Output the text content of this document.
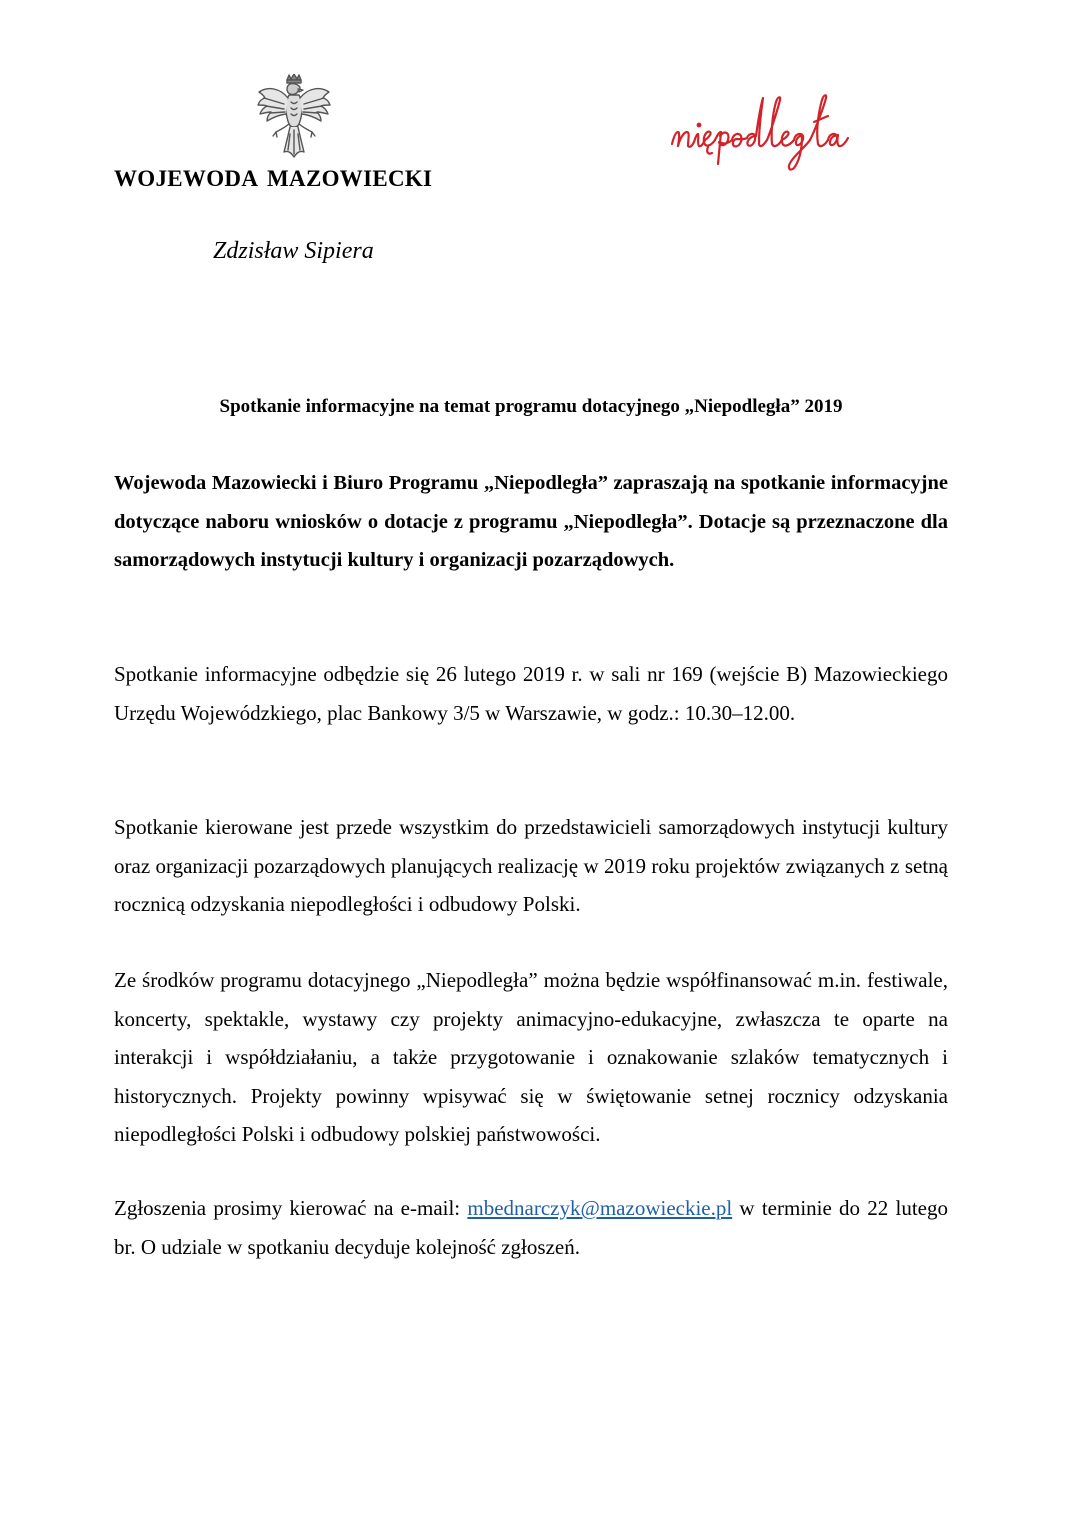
WOJEWODA MAZOWIECKI
Zdzisław Sipiera
Spotkanie informacyjne na temat programu dotacyjnego „Niepodległa” 2019

Wojewoda Mazowiecki i Biuro Programu „Niepodległa” zapraszają na spotkanie informacyjne dotyczące naboru wniosków o dotacje z programu „Niepodległa”. Dotacje są przeznaczone dla samorządowych instytucji kultury i organizacji pozarządowych.

Spotkanie informacyjne odbędzie się 26 lutego 2019 r. w sali nr 169 (wejście B) Mazowieckiego Urzędu Wojewódzkiego, plac Bankowy 3/5 w Warszawie, w godz.: 10.30–12.00.

Spotkanie kierowane jest przede wszystkim do przedstawicieli samorządowych instytucji kultury oraz organizacji pozarządowych planujących realizację w 2019 roku projektów związanych z setną rocznicą odzyskania niepodległości i odbudowy Polski.

Ze środków programu dotacyjnego „Niepodległa” można będzie współfinansować m.in. festiwale, koncerty, spektakle, wystawy czy projekty animacyjno-edukacyjne, zwłaszcza te oparte na interakcji i współdziałaniu, a także przygotowanie i oznakowanie szlaków tematycznych i historycznych. Projekty powinny wpisywać się w świętowanie setnej rocznicy odzyskania niepodległości Polski i odbudowy polskiej państwowości.

Zgłoszenia prosimy kierować na e-mail: mbednarczyk@mazowieckie.pl w terminie do 22 lutego br. O udziale w spotkaniu decyduje kolejność zgłoszeń.
